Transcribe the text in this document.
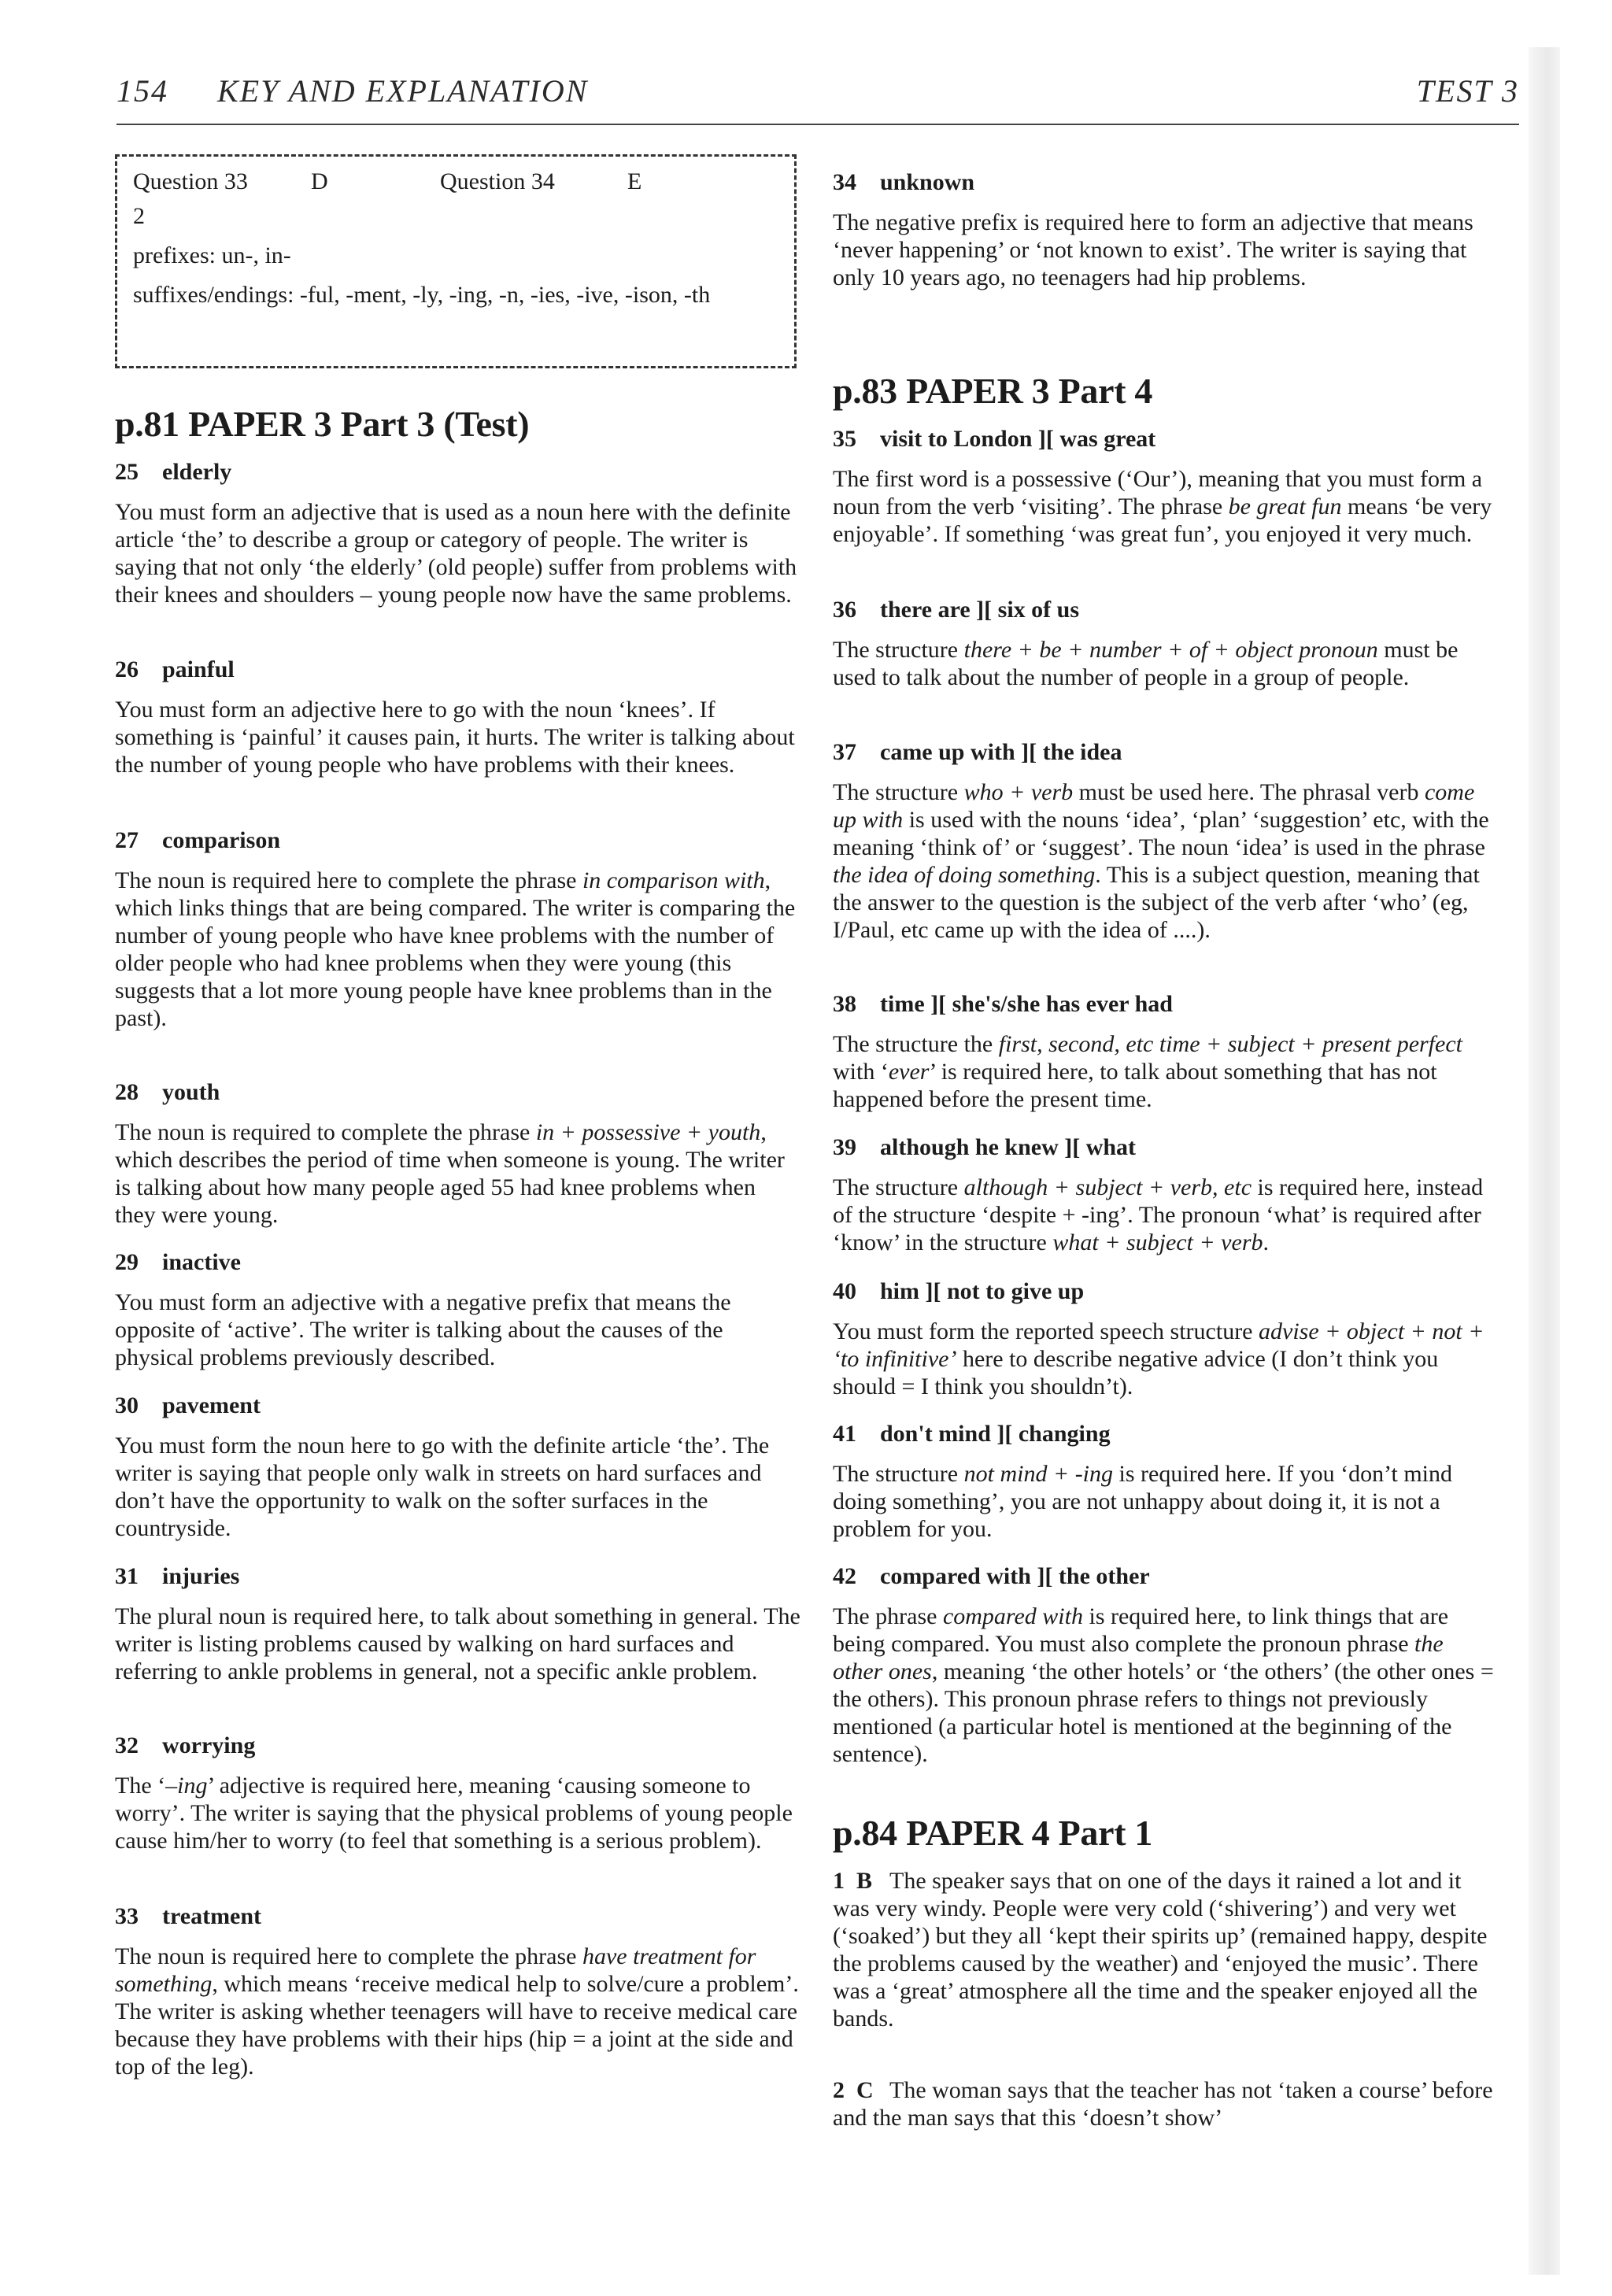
154 KEY AND EXPLANATION	TEST 3
Question 33	D	Question 34	E

2

prefixes: un-, in-

suffixes/endings: -ful, -ment, -ly, -ing, -n, -ies, -ive, -ison, -th

p.81 PAPER 3 Part 3 (Test)
25 elderly

You must form an adjective that is used as a noun here with the definite article ‘the’ to describe a group or category of people. The writer is saying that not only ‘the elderly’ (old people) suffer from problems with their knees and shoulders – young people now have the same problems.

26 painful

You must form an adjective here to go with the noun ‘knees’. If something is ‘painful’ it causes pain, it hurts. The writer is talking about the number of young people who have problems with their knees.

27 comparison

The noun is required here to complete the phrase in comparison with, which links things that are being compared. The writer is comparing the number of young people who have knee problems with the number of older people who had knee problems when they were young (this suggests that a lot more young people have knee problems than in the past).

28 youth

The noun is required to complete the phrase in + possessive + youth, which describes the period of time when someone is young. The writer is talking about how many people aged 55 had knee problems when they were young.

29 inactive

You must form an adjective with a negative prefix that means the opposite of ‘active’. The writer is talking about the causes of the physical problems previously described.

30 pavement

You must form the noun here to go with the definite article ‘the’. The writer is saying that people only walk in streets on hard surfaces and don’t have the opportunity to walk on the softer surfaces in the countryside.

31 injuries

The plural noun is required here, to talk about something in general. The writer is listing problems caused by walking on hard surfaces and referring to ankle problems in general, not a specific ankle problem.

32 worrying

The ‘–ing’ adjective is required here, meaning ‘causing someone to worry’. The writer is saying that the physical problems of young people cause him/her to worry (to feel that something is a serious problem).

33 treatment

The noun is required here to complete the phrase have treatment for something, which means ‘receive medical help to solve/cure a problem’. The writer is asking whether teenagers will have to receive medical care because they have problems with their hips (hip = a joint at the side and top of the leg).

34 unknown

The negative prefix is required here to form an adjective that means ‘never happening’ or ‘not known to exist’. The writer is saying that only 10 years ago, no teenagers had hip problems.

p.83 PAPER 3 Part 4
35 visit to London ][ was great

The first word is a possessive (‘Our’), meaning that you must form a noun from the verb ‘visiting’. The phrase be great fun means ‘be very enjoyable’. If something ‘was great fun’, you enjoyed it very much.

36 there are ][ six of us

The structure there + be + number + of + object pronoun must be used to talk about the number of people in a group of people.

37 came up with ][ the idea

The structure who + verb must be used here. The phrasal verb come up with is used with the nouns ‘idea’, ‘plan’ ‘suggestion’ etc, with the meaning ‘think of’ or ‘suggest’. The noun ‘idea’ is used in the phrase the idea of doing something. This is a subject question, meaning that the answer to the question is the subject of the verb after ‘who’ (eg, I/Paul, etc came up with the idea of ....).

38 time ][ she's/she has ever had

The structure the first, second, etc time + subject + present perfect with ‘ever’ is required here, to talk about something that has not happened before the present time.

39 although he knew ][ what

The structure although + subject + verb, etc is required here, instead of the structure ‘despite + -ing’. The pronoun ‘what’ is required after ‘know’ in the structure what + subject + verb.

40 him ][ not to give up

You must form the reported speech structure advise + object + not + ‘to infinitive’ here to describe negative advice (I don’t think you should = I think you shouldn’t).

41 don't mind ][ changing

The structure not mind + -ing is required here. If you ‘don’t mind doing something’, you are not unhappy about doing it, it is not a problem for you.

42 compared with ][ the other

The phrase compared with is required here, to link things that are being compared. You must also complete the pronoun phrase the other ones, meaning ‘the other hotels’ or ‘the others’ (the other ones = the others). This pronoun phrase refers to things not previously mentioned (a particular hotel is mentioned at the beginning of the sentence).

p.84 PAPER 4 Part 1

1 B The speaker says that on one of the days it rained a lot and it was very windy. People were very cold (‘shivering’) and very wet (‘soaked’) but they all ‘kept their spirits up’ (remained happy, despite the problems caused by the weather) and ‘enjoyed the music’. There was a ‘great’ atmosphere all the time and the speaker enjoyed all the bands.

2 C The woman says that the teacher has not ‘taken a course’ before and the man says that this ‘doesn’t show’
